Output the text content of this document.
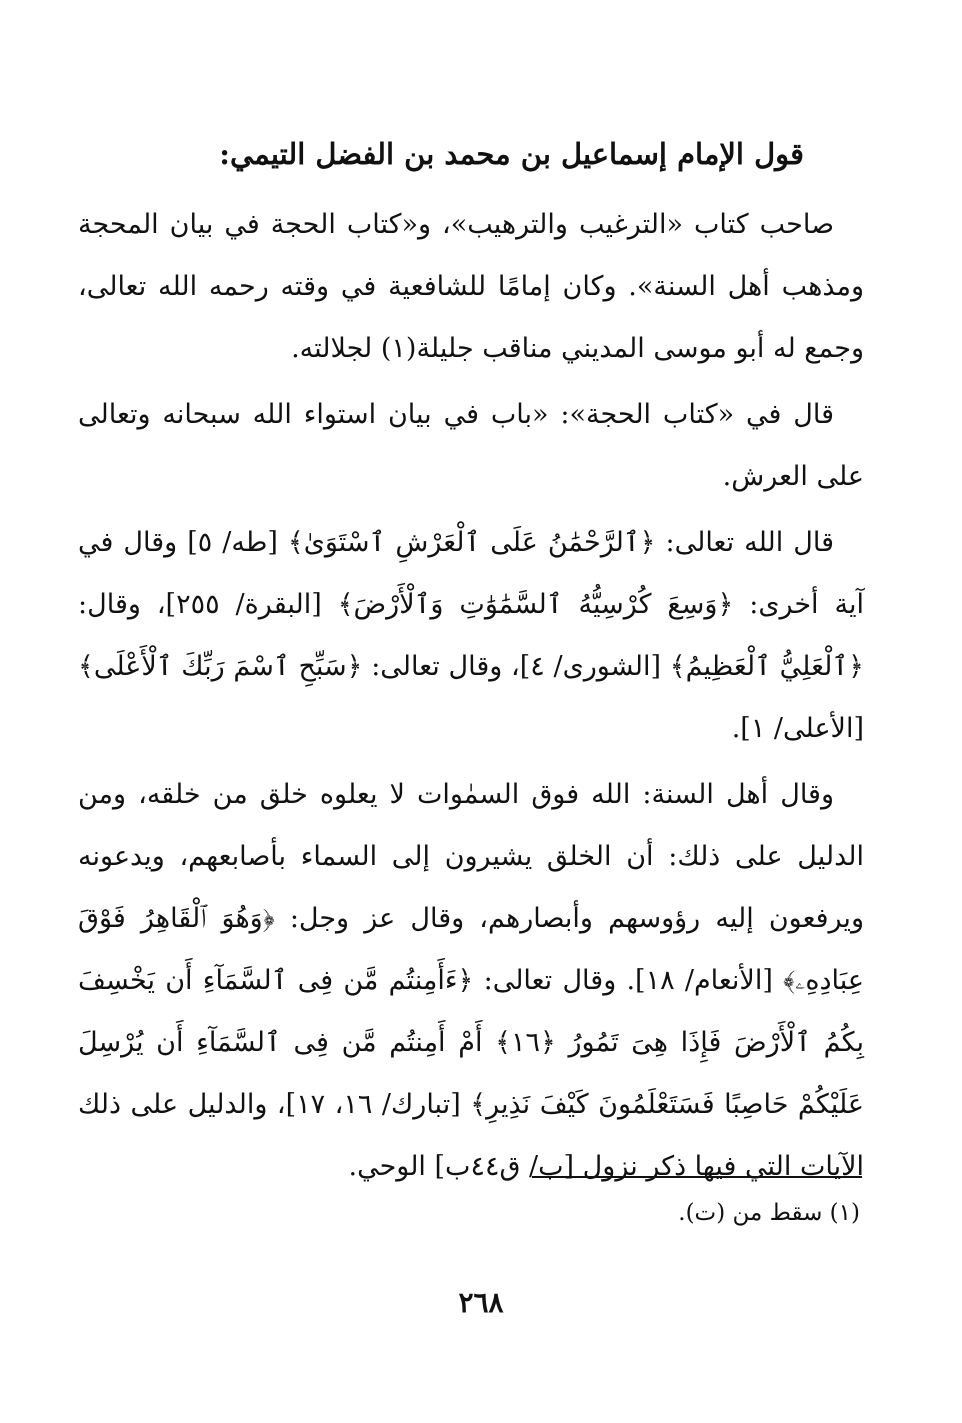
قول الإمام إسماعيل بن محمد بن الفضل التيمي:

صاحب كتاب «الترغيب والترهيب»، و«كتاب الحجة في بيان المحجة ومذهب أهل السنة». وكان إمامًا للشافعية في وقته رحمه الله تعالى، وجمع له أبو موسى المديني مناقب جليلة(١) لجلالته.

قال في «كتاب الحجة»: «باب في بيان استواء الله سبحانه وتعالى على العرش.

قال الله تعالى: ﴿ٱلرَّحْمَٰنُ عَلَى ٱلْعَرْشِ ٱسْتَوَىٰ﴾ [طه/ ٥] وقال في آية أخرى: ﴿وَسِعَ كُرْسِيُّهُ ٱلسَّمَٰوَٰتِ وَٱلْأَرْضَ﴾ [البقرة/ ٢٥٥]، وقال: ﴿ٱلْعَلِيُّ ٱلْعَظِيمُ﴾ [الشورى/ ٤]، وقال تعالى: ﴿سَبِّحِ ٱسْمَ رَبِّكَ ٱلْأَعْلَى﴾ [الأعلى/ ١].

وقال أهل السنة: الله فوق السمٰوات لا يعلوه خلق من خلقه، ومن الدليل على ذلك: أن الخلق يشيرون إلى السماء بأصابعهم، ويدعونه ويرفعون إليه رؤوسهم وأبصارهم، وقال عز وجل: ﴿وَهُوَ ٱلْقَاهِرُ فَوْقَ عِبَادِهِۦ﴾ [الأنعام/ ١٨]. وقال تعالى: ﴿ءَأَمِنتُم مَّن فِى ٱلسَّمَآءِ أَن يَخْسِفَ بِكُمُ ٱلْأَرْضَ فَإِذَا هِىَ تَمُورُ ﴿١٦﴾ أَمْ أَمِنتُم مَّن فِى ٱلسَّمَآءِ أَن يُرْسِلَ عَلَيْكُمْ حَاصِبًا فَسَتَعْلَمُونَ كَيْفَ نَذِيرِ﴾ [تبارك/ ١٦، ١٧]، والدليل على ذلك الآيات التي فيها ذكر نزول [ب/ ق٤٤ب] الوحي.

(١) سقط من (ت).
٢٦٨
